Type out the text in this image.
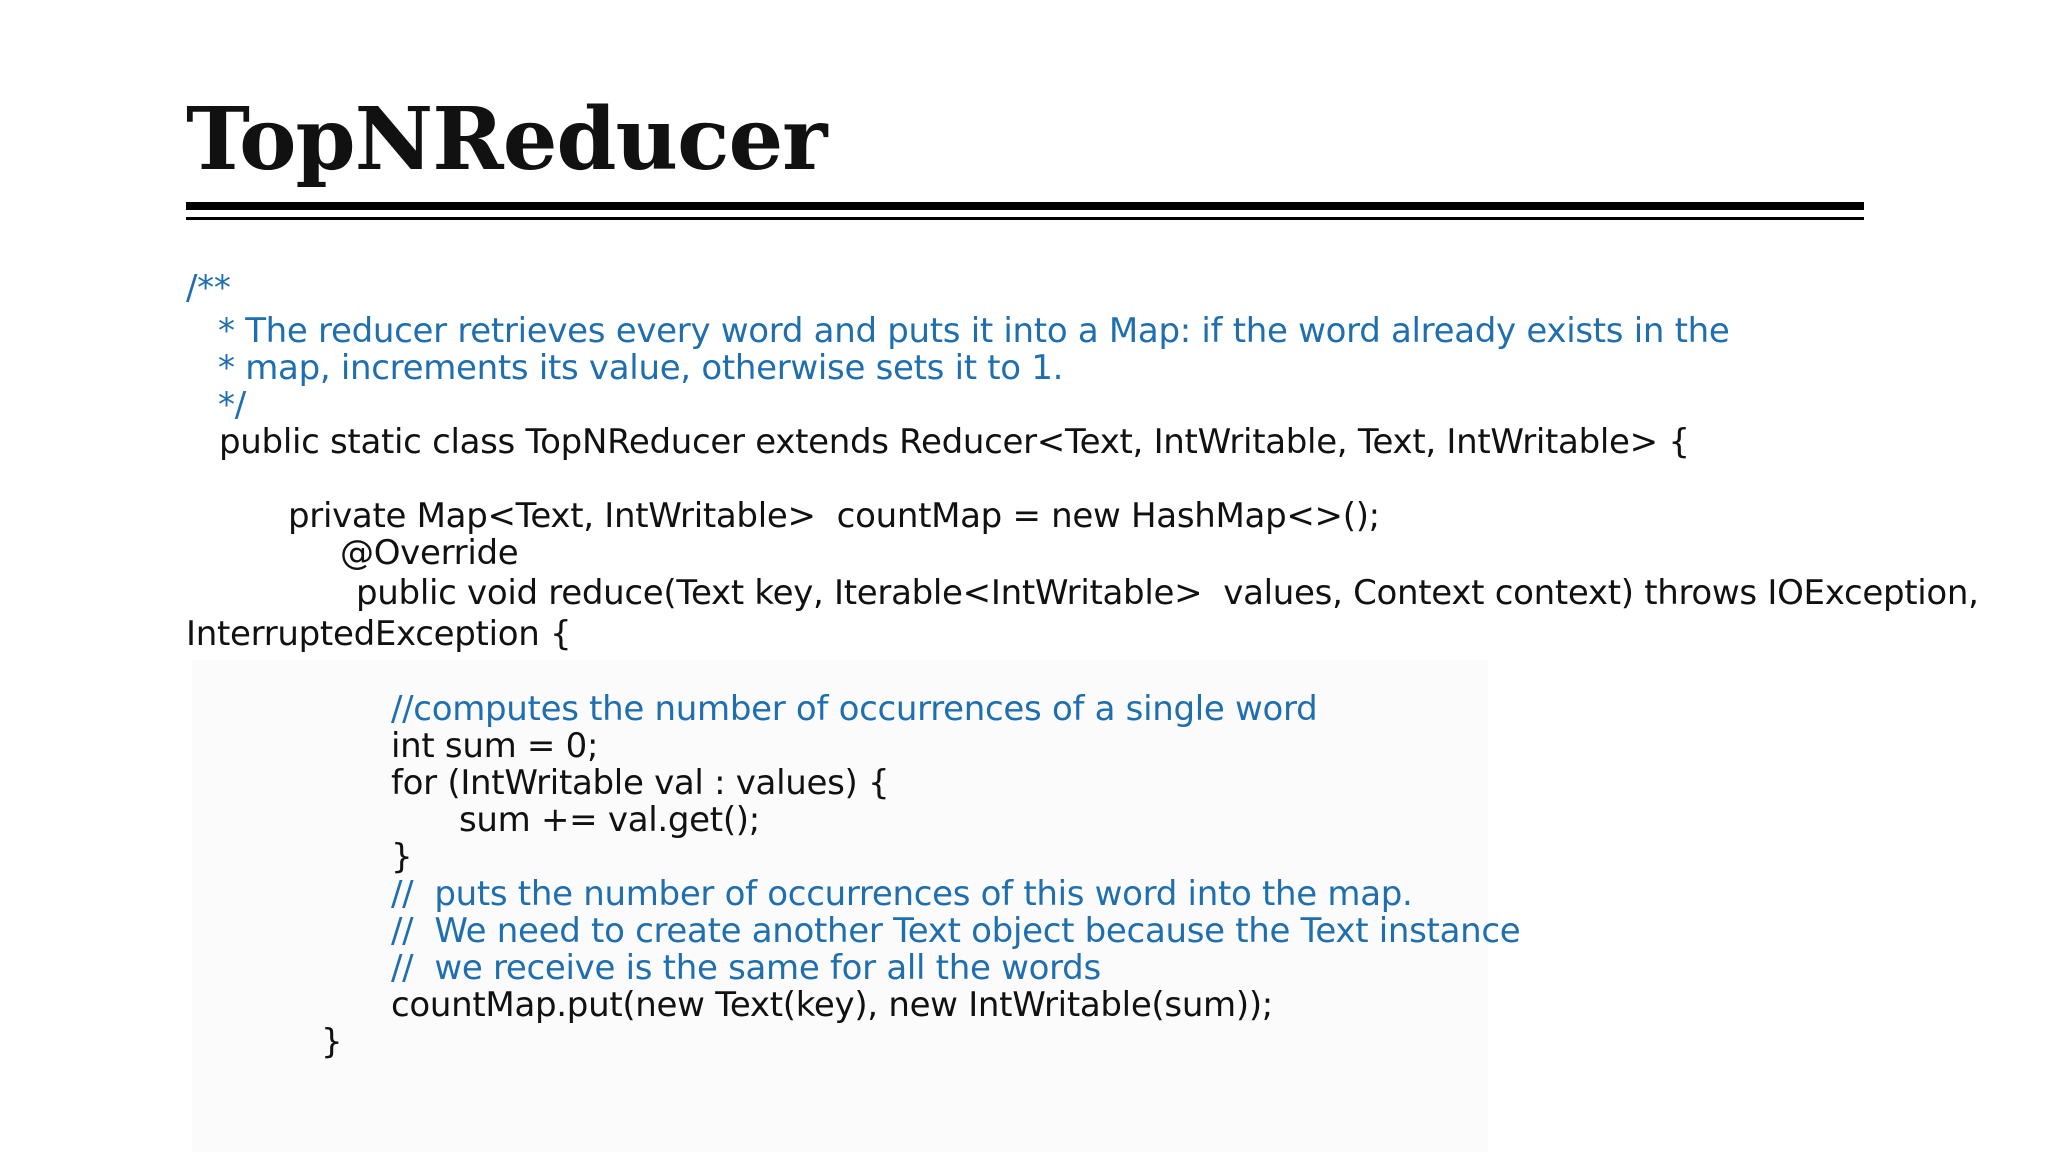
TopNReducer
/**
* The reducer retrieves every word and puts it into a Map: if the word already exists in the
* map, increments its value, otherwise sets it to 1.
*/
public static class TopNReducer extends Reducer<Text, IntWritable, Text, IntWritable> {
private Map<Text, IntWritable>  countMap = new HashMap<>();
@Override
public void reduce(Text key, Iterable<IntWritable>  values, Context context) throws IOException,
InterruptedException {
//computes the number of occurrences of a single word
int sum = 0;
for (IntWritable val : values) {
sum += val.get();
}
//  puts the number of occurrences of this word into the map.
//  We need to create another Text object because the Text instance
//  we receive is the same for all the words
countMap.put(new Text(key), new IntWritable(sum));
}
